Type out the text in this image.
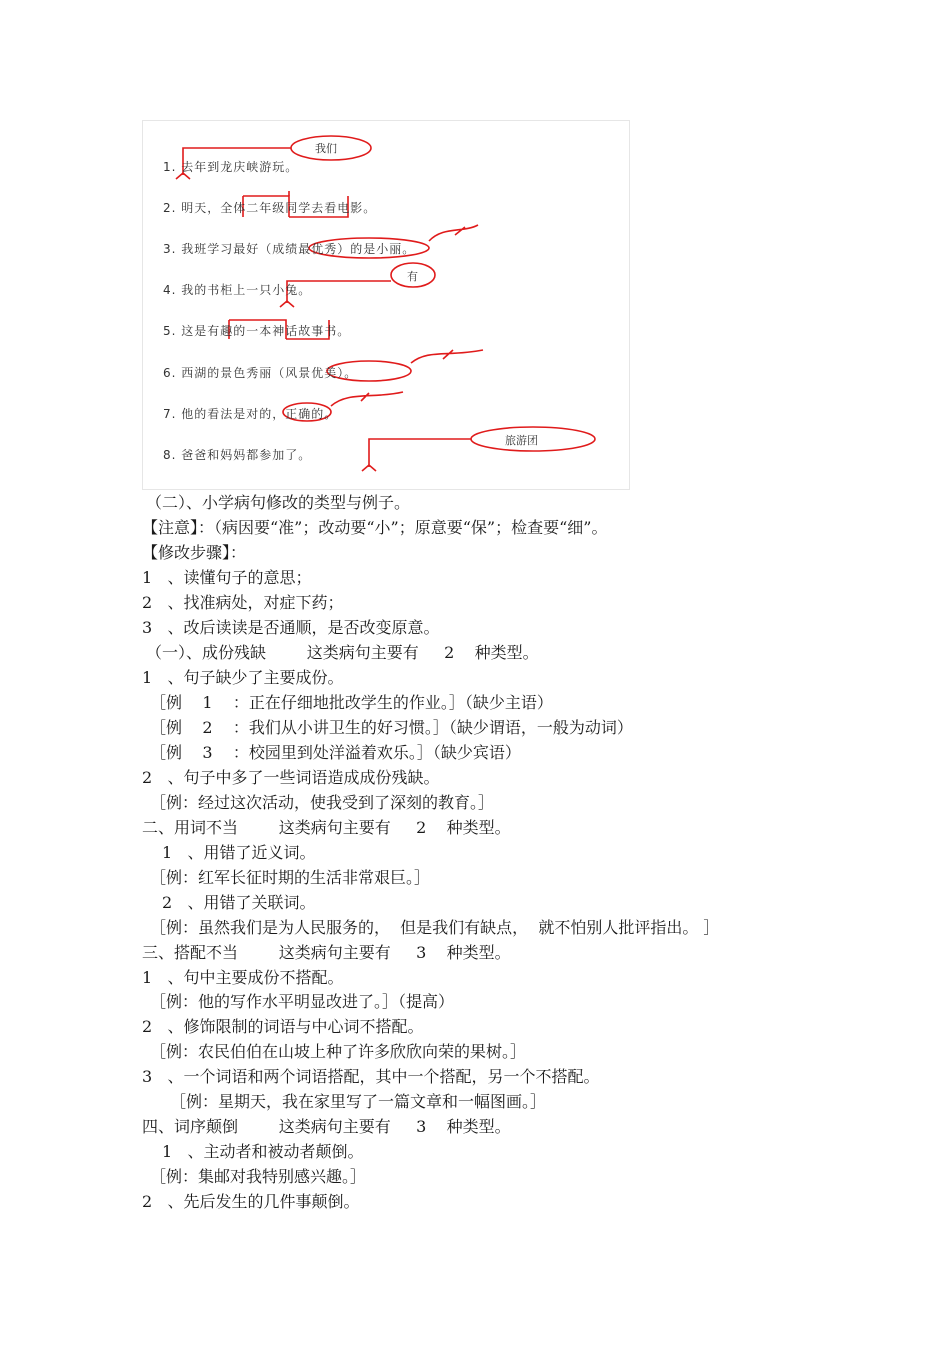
我们
有
旅游团
1. 去年到龙庆峡游玩。
2. 明天，全体二年级同学去看电影。
3. 我班学习最好（成绩最优秀）的是小丽。
4. 我的书柜上一只小兔。
5. 这是有趣的一本神话故事书。
6. 西湖的景色秀丽（风景优美）。
7. 他的看法是对的，正确的。
8. 爸爸和妈妈都参加了。
（二）、小学病句修改的类型与例子。
【注意】：（病因要“准”；改动要“小”；原意要“保”；检查要“细”。
【修改步骤】：
1   、读懂句子的意思；
2   、找准病处，对症下药；
3   、改后读读是否通顺，是否改变原意。
（一）、成份残缺        这类病句主要有     2    种类型。
1   、句子缺少了主要成份。
［例    1    ：正在仔细地批改学生的作业。］（缺少主语）
［例    2    ：我们从小讲卫生的好习惯。］（缺少谓语，一般为动词）
［例    3    ：校园里到处洋溢着欢乐。］（缺少宾语）
2   、句子中多了一些词语造成成份残缺。
［例：经过这次活动，使我受到了深刻的教育。］
二、用词不当        这类病句主要有     2    种类型。
1   、用错了近义词。
［例：红军长征时期的生活非常艰巨。］
2   、用错了关联词。
［例：虽然我们是为人民服务的，  但是我们有缺点，  就不怕别人批评指出。 ］
三、搭配不当        这类病句主要有     3    种类型。
1   、句中主要成份不搭配。
［例：他的写作水平明显改进了。］（提高）
2   、修饰限制的词语与中心词不搭配。
［例：农民伯伯在山坡上种了许多欣欣向荣的果树。］
3   、一个词语和两个词语搭配，其中一个搭配，另一个不搭配。
［例：星期天，我在家里写了一篇文章和一幅图画。］
四、词序颠倒        这类病句主要有     3    种类型。
1   、主动者和被动者颠倒。
［例：集邮对我特别感兴趣。］
2   、先后发生的几件事颠倒。
